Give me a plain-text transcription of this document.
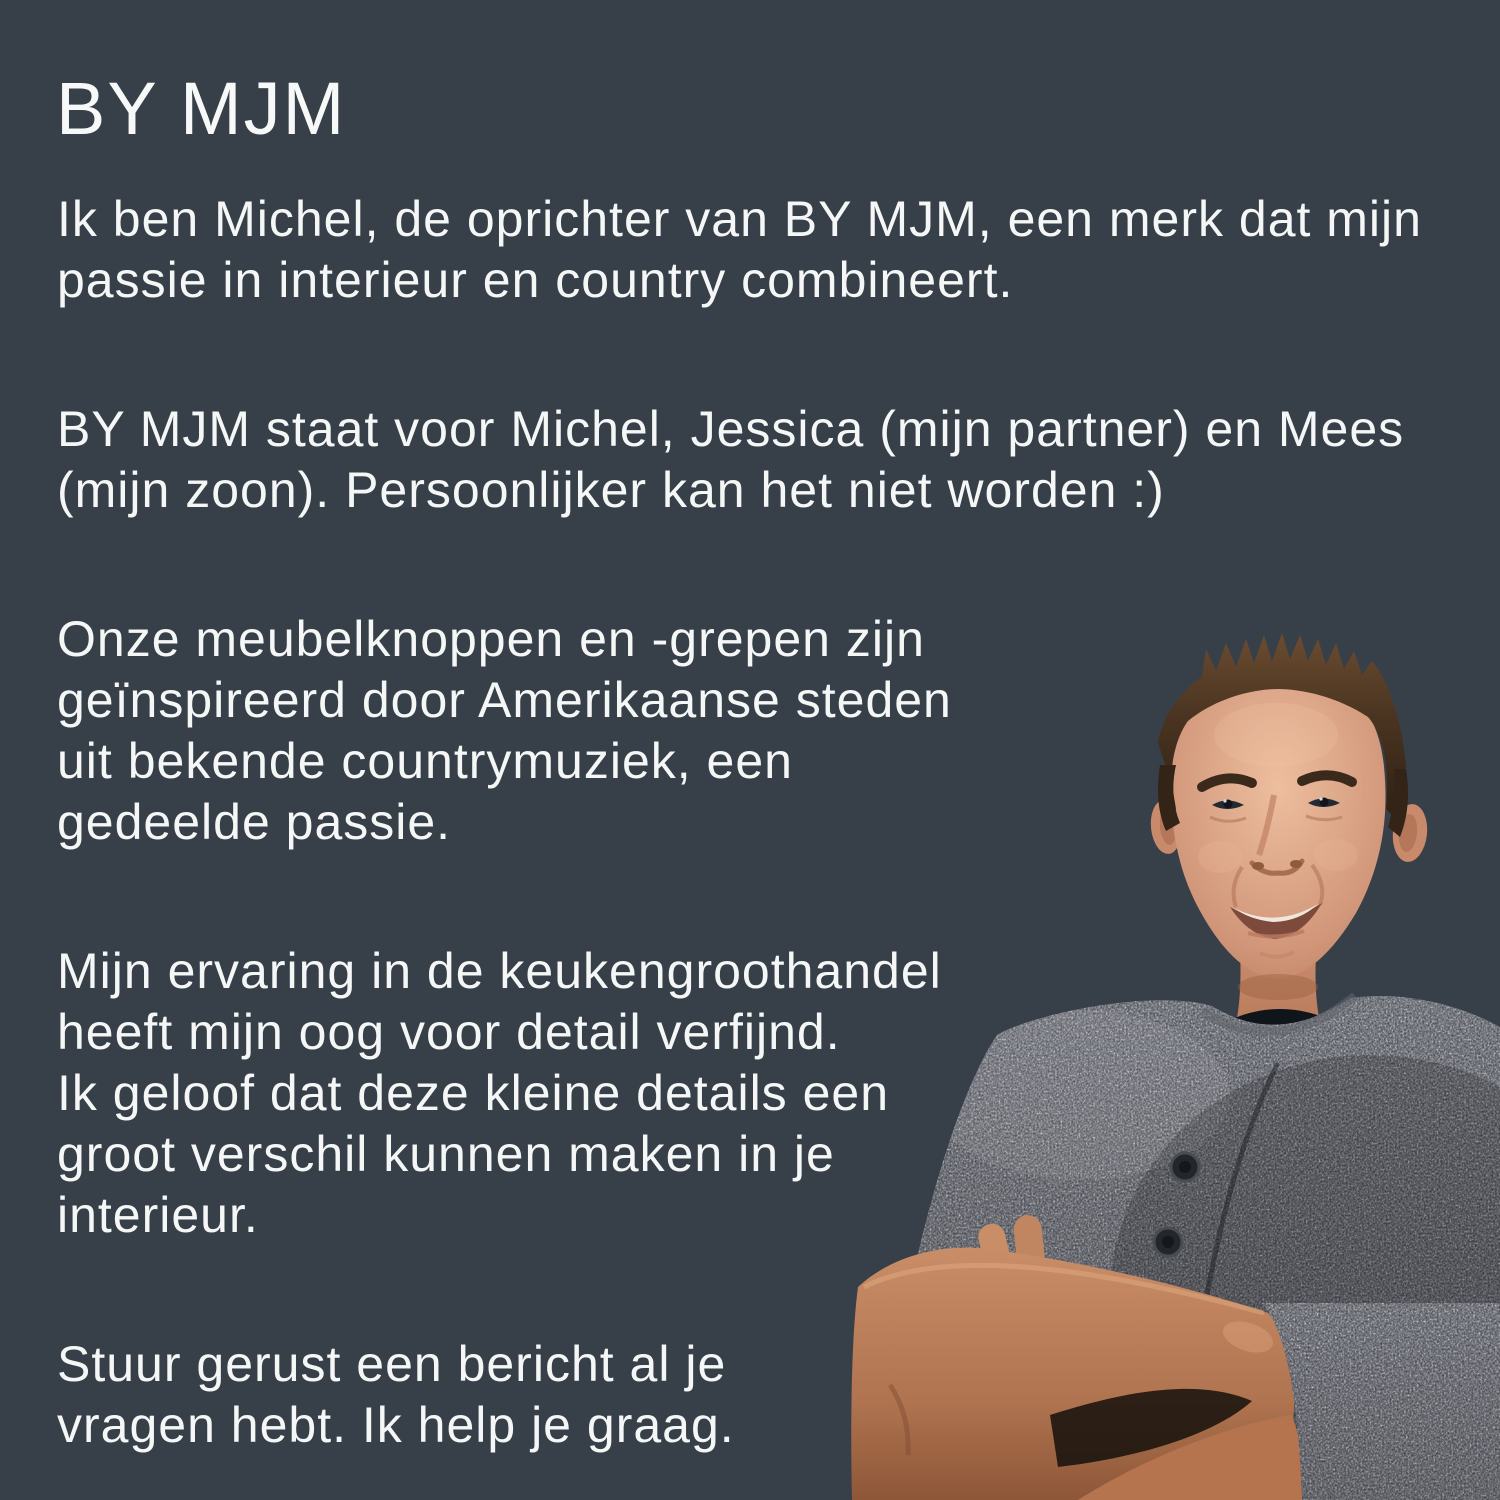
BY MJM

Ik ben Michel, de oprichter van BY MJM, een merk dat mijn
passie in interieur en country combineert.

BY MJM staat voor Michel, Jessica (mijn partner) en Mees
(mijn zoon). Persoonlijker kan het niet worden :)

Onze meubelknoppen en -grepen zijn
geïnspireerd door Amerikaanse steden
uit bekende countrymuziek, een
gedeelde passie.

Mijn ervaring in de keukengroothandel
heeft mijn oog voor detail verfijnd.
Ik geloof dat deze kleine details een
groot verschil kunnen maken in je
interieur.

Stuur gerust een bericht al je
vragen hebt. Ik help je graag.
